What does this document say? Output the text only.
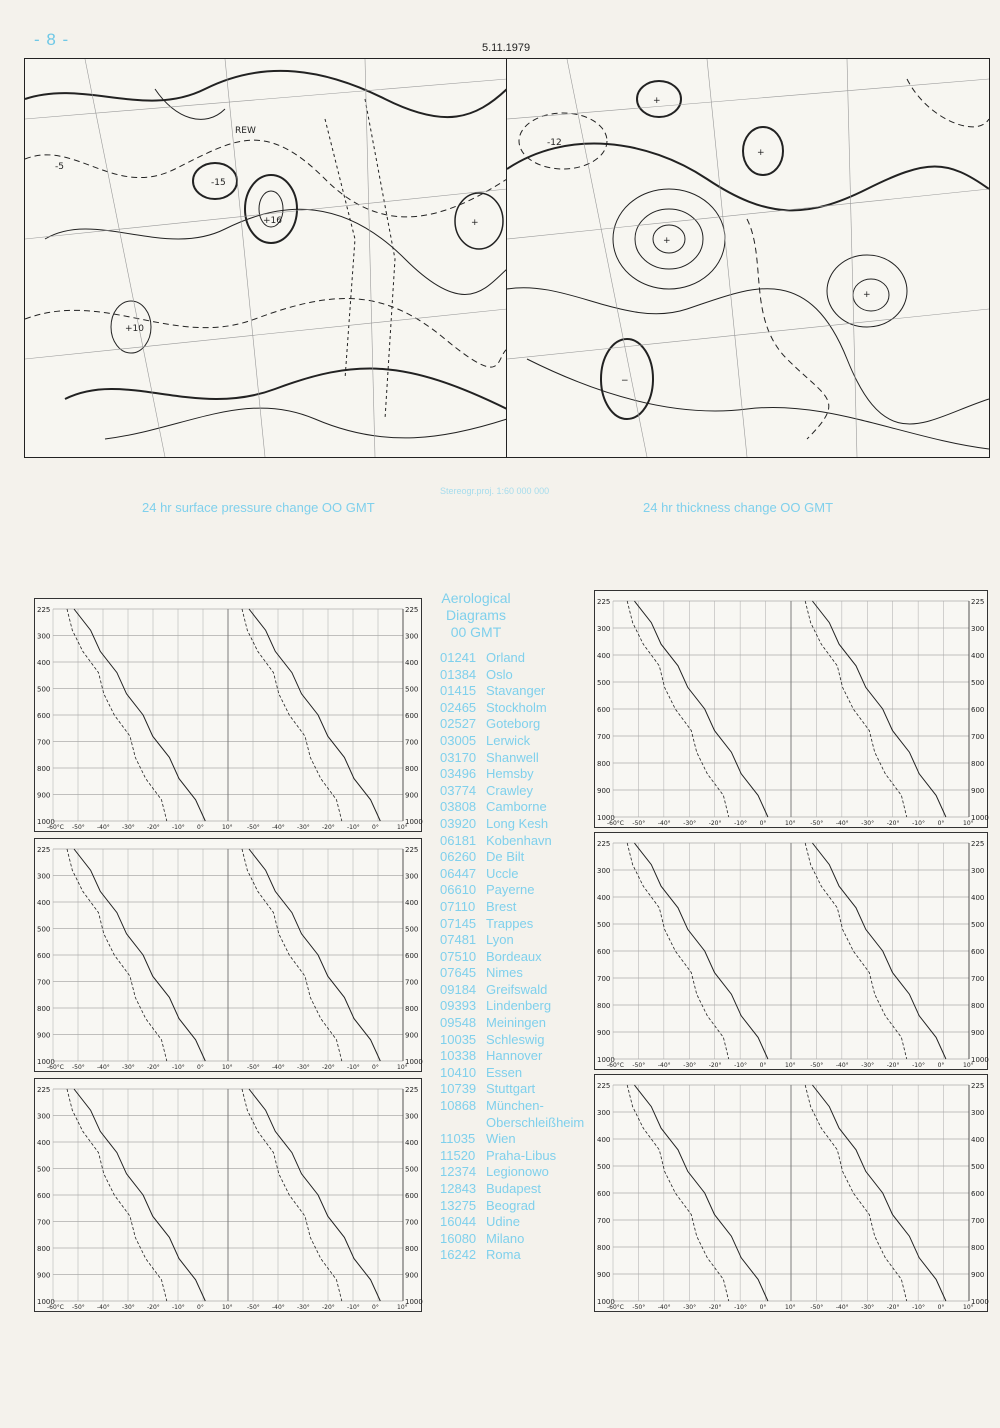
- 8 -	5.11.1979
REW
+16
-15
+
+10
-5
+
+
−
+
+
-12
Stereogr.proj. 1:60 000 000
24 hr surface pressure change OO GMT	24 hr thickness change OO GMT
225	225
300	300
400	400
500	500
600	600
700	700
800	800
900	900
1000	1000
-60°C -50° -40° -30° -20° -10° 0°	10° -50° -40° -30° -20° -10° 0°	10°
225	225
300	300
400	400
500	500
600	600
700	700
800	800
900	900
1000	1000
-60°C -50° -40° -30° -20° -10° 0°	10° -50° -40° -30° -20° -10° 0°	10°
225	225
300	300
400	400
500	500
600	600
700	700
800	800
900	900
1000	1000
-60°C -50° -40° -30° -20° -10° 0°	10° -50° -40° -30° -20° -10° 0°	10°
225	225
300	300
400	400
500	500
600	600
700	700
800	800
900	900
1000	1000
-60°C -50° -40° -30° -20° -10° 0°	10° -50° -40° -30° -20° -10° 0°	10°
225	225
300	300
400	400
500	500
600	600
700	700
800	800
900	900
1000	1000
-60°C -50° -40° -30° -20° -10° 0°	10° -50° -40° -30° -20° -10° 0°	10°
225	225
300	300
400	400
500	500
600	600
700	700
800	800
900	900
1000	1000
-60°C -50° -40° -30° -20° -10° 0°	10° -50° -40° -30° -20° -10° 0°	10°
Aerological
Diagrams
00 GMT
01241 Orland
01384 Oslo
01415 Stavanger
02465 Stockholm
02527 Goteborg
03005 Lerwick
03170 Shanwell
03496 Hemsby
03774 Crawley
03808 Camborne
03920 Long Kesh
06181 Kobenhavn
06260 De Bilt
06447 Uccle
06610 Payerne
07110 Brest
07145 Trappes
07481 Lyon
07510 Bordeaux
07645 Nimes
09184 Greifswald
09393 Lindenberg
09548 Meiningen
10035 Schleswig
10338 Hannover
10410 Essen
10739 Stuttgart
10868 München-
Oberschleißheim
11035 Wien
11520 Praha-Libus
12374 Legionowo
12843 Budapest
13275 Beograd
16044 Udine
16080 Milano
16242 Roma
